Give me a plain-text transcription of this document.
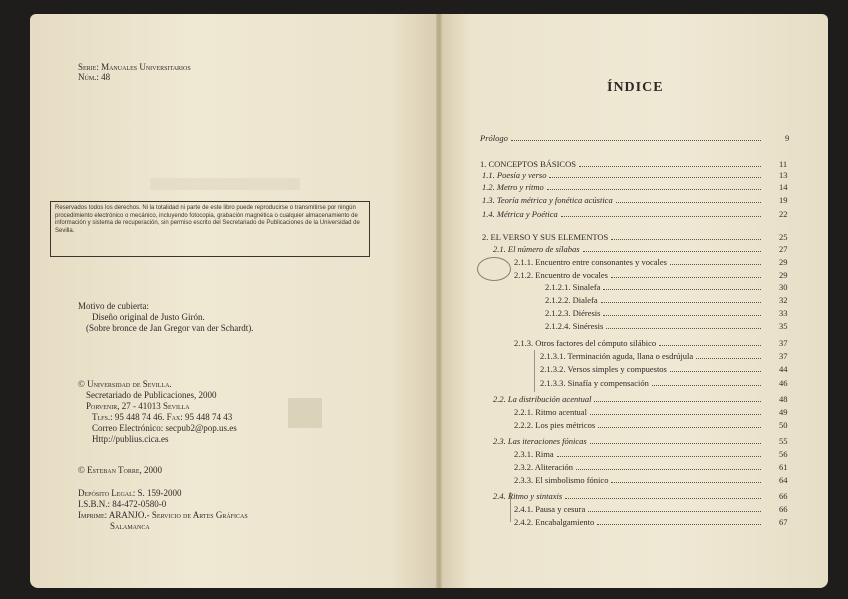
Serie: Manuales Universitarios
Núm.: 48
Reservados todos los derechos. Ni la totalidad ni parte de este libro puede reproducirse o transmitirse por ningún procedimiento electrónico o mecánico, incluyendo fotocopia, grabación magnética o cualquier almacenamiento de información y sistema de recuperación, sin permiso escrito del Secretariado de Publicaciones de la Universidad de Sevilla.
Motivo de cubierta:
Diseño original de Justo Girón.
(Sobre bronce de Jan Gregor van der Schardt).
© Universidad de Sevilla.
Secretariado de Publicaciones, 2000
Porvenir, 27 - 41013 Sevilla
Tlfs.: 95 448 74 46. Fax: 95 448 74 43
Correo Electrónico: secpub2@pop.us.es
Http://publius.cica.es
© Esteban Torre, 2000
Depósito Legal: S. 159-2000
I.S.B.N.: 84-472-0580-0
Imprime: ARANJO.- Servicio de Artes Gráficas
Salamanca
ÍNDICE
Prólogo	9
1. CONCEPTOS BÁSICOS	11
1.1. Poesía y verso	13
1.2. Metro y ritmo	14
1.3. Teoría métrica y fonética acústica	19
1.4. Métrica y Poética	22
2. EL VERSO Y SUS ELEMENTOS	25
2.1. El número de sílabas	27
2.1.1. Encuentro entre consonantes y vocales	29
2.1.2. Encuentro de vocales	29
2.1.2.1. Sinalefa	30
2.1.2.2. Dialefa	32
2.1.2.3. Diéresis	33
2.1.2.4. Sinéresis	35
2.1.3. Otros factores del cómputo silábico	37
2.1.3.1. Terminación aguda, llana o esdrújula	37
2.1.3.2. Versos simples y compuestos	44
2.1.3.3. Sinafía y compensación	46
2.2. La distribución acentual	48
2.2.1. Ritmo acentual	49
2.2.2. Los pies métricos	50
2.3. Las iteraciones fónicas	55
2.3.1. Rima	56
2.3.2. Aliteración	61
2.3.3. El simbolismo fónico	64
2.4. Ritmo y sintaxis	66
2.4.1. Pausa y cesura	66
2.4.2. Encabalgamiento	67
